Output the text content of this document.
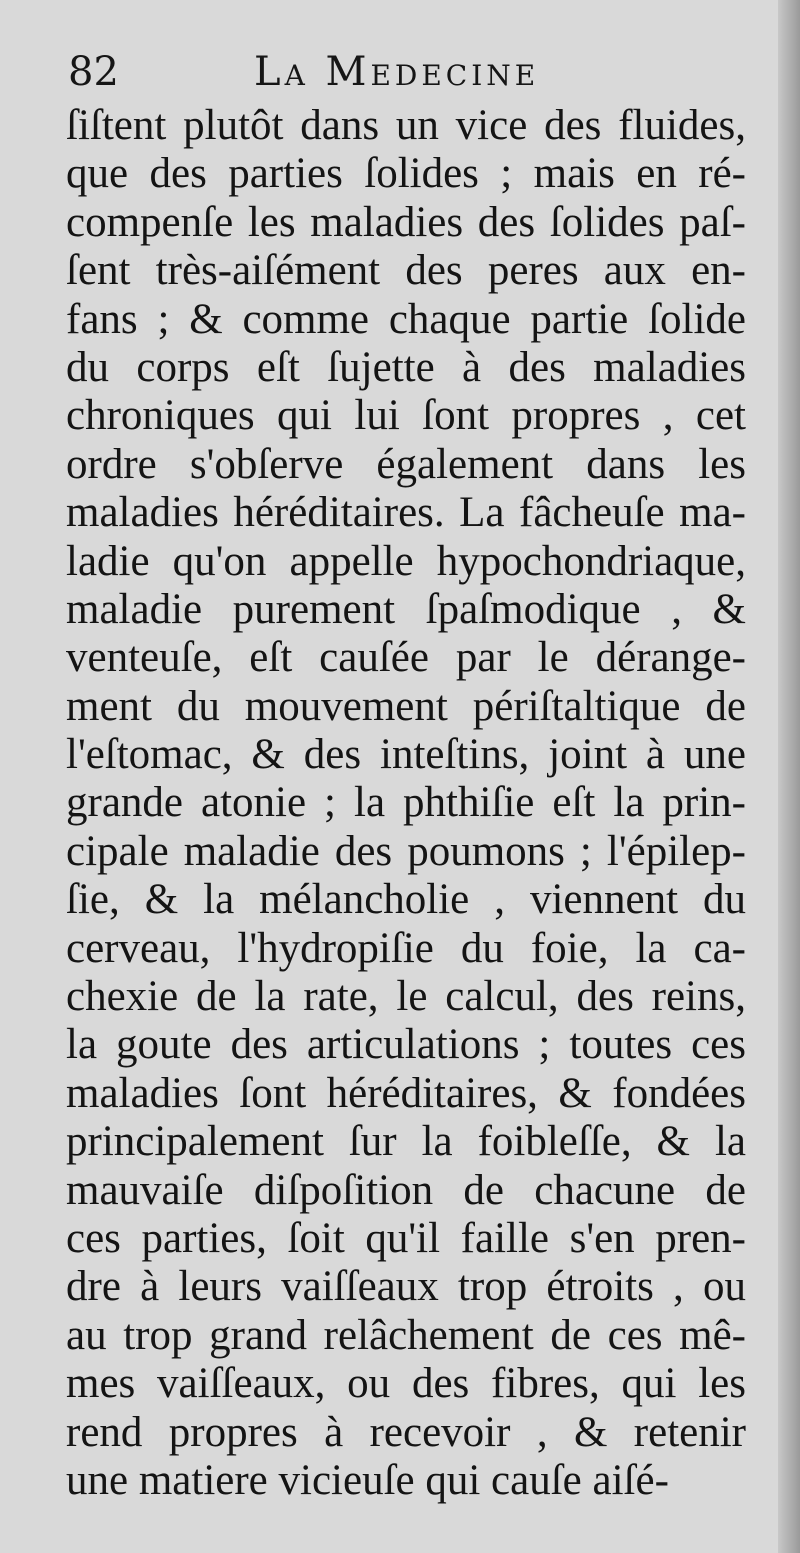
82	La Medecine
ſiſtent plutôt dans un vice des fluides,
que des parties ſolides ; mais en ré-
compenſe les maladies des ſolides paſ-
ſent très-aiſément des peres aux en-
fans ; & comme chaque partie ſolide
du corps eſt ſujette à des maladies
chroniques qui lui ſont propres , cet
ordre s'obſerve également dans les
maladies héréditaires. La fâcheuſe ma-
ladie qu'on appelle hypochondriaque,
maladie purement ſpaſmodique , &
venteuſe, eſt cauſée par le dérange-
ment du mouvement périſtaltique de
l'eſtomac, & des inteſtins, joint à une
grande atonie ; la phthiſie eſt la prin-
cipale maladie des poumons ; l'épilep-
ſie, & la mélancholie , viennent du
cerveau, l'hydropiſie du foie, la ca-
chexie de la rate, le calcul, des reins,
la goute des articulations ; toutes ces
maladies ſont héréditaires, & fondées
principalement ſur la foibleſſe, & la
mauvaiſe diſpoſition de chacune de
ces parties, ſoit qu'il faille s'en pren-
dre à leurs vaiſſeaux trop étroits , ou
au trop grand relâchement de ces mê-
mes vaiſſeaux, ou des fibres, qui les
rend propres à recevoir , & retenir
une matiere vicieuſe qui cauſe aiſé-
